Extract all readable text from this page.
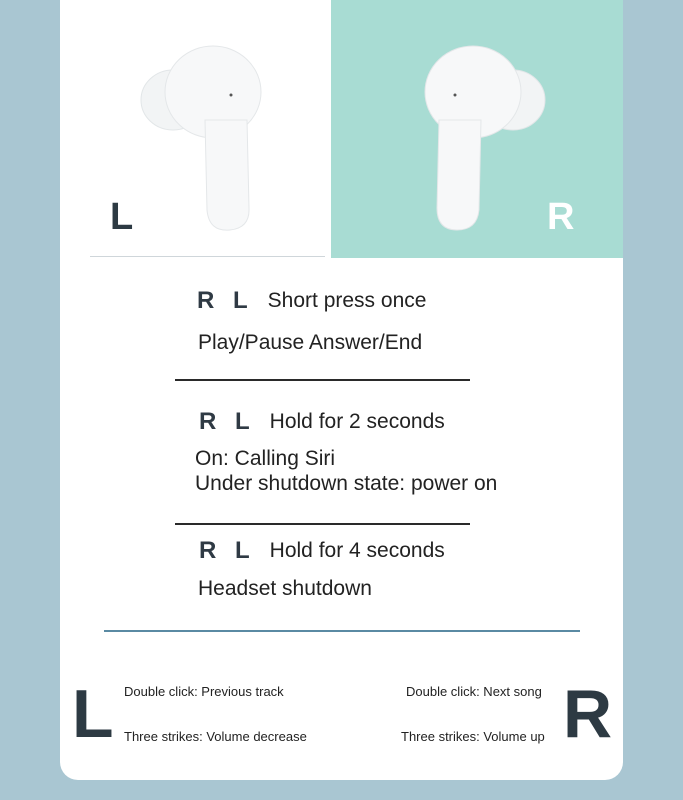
L	R
R L Short press once
Play/Pause Answer/End
R L Hold for 2 seconds
On: Calling Siri
Under shutdown state: power on
R L Hold for 4 seconds
Headset shutdown
L Double click: Previous track
Three strikes: Volume decrease
Double click: Next song
Three strikes: Volume up R
